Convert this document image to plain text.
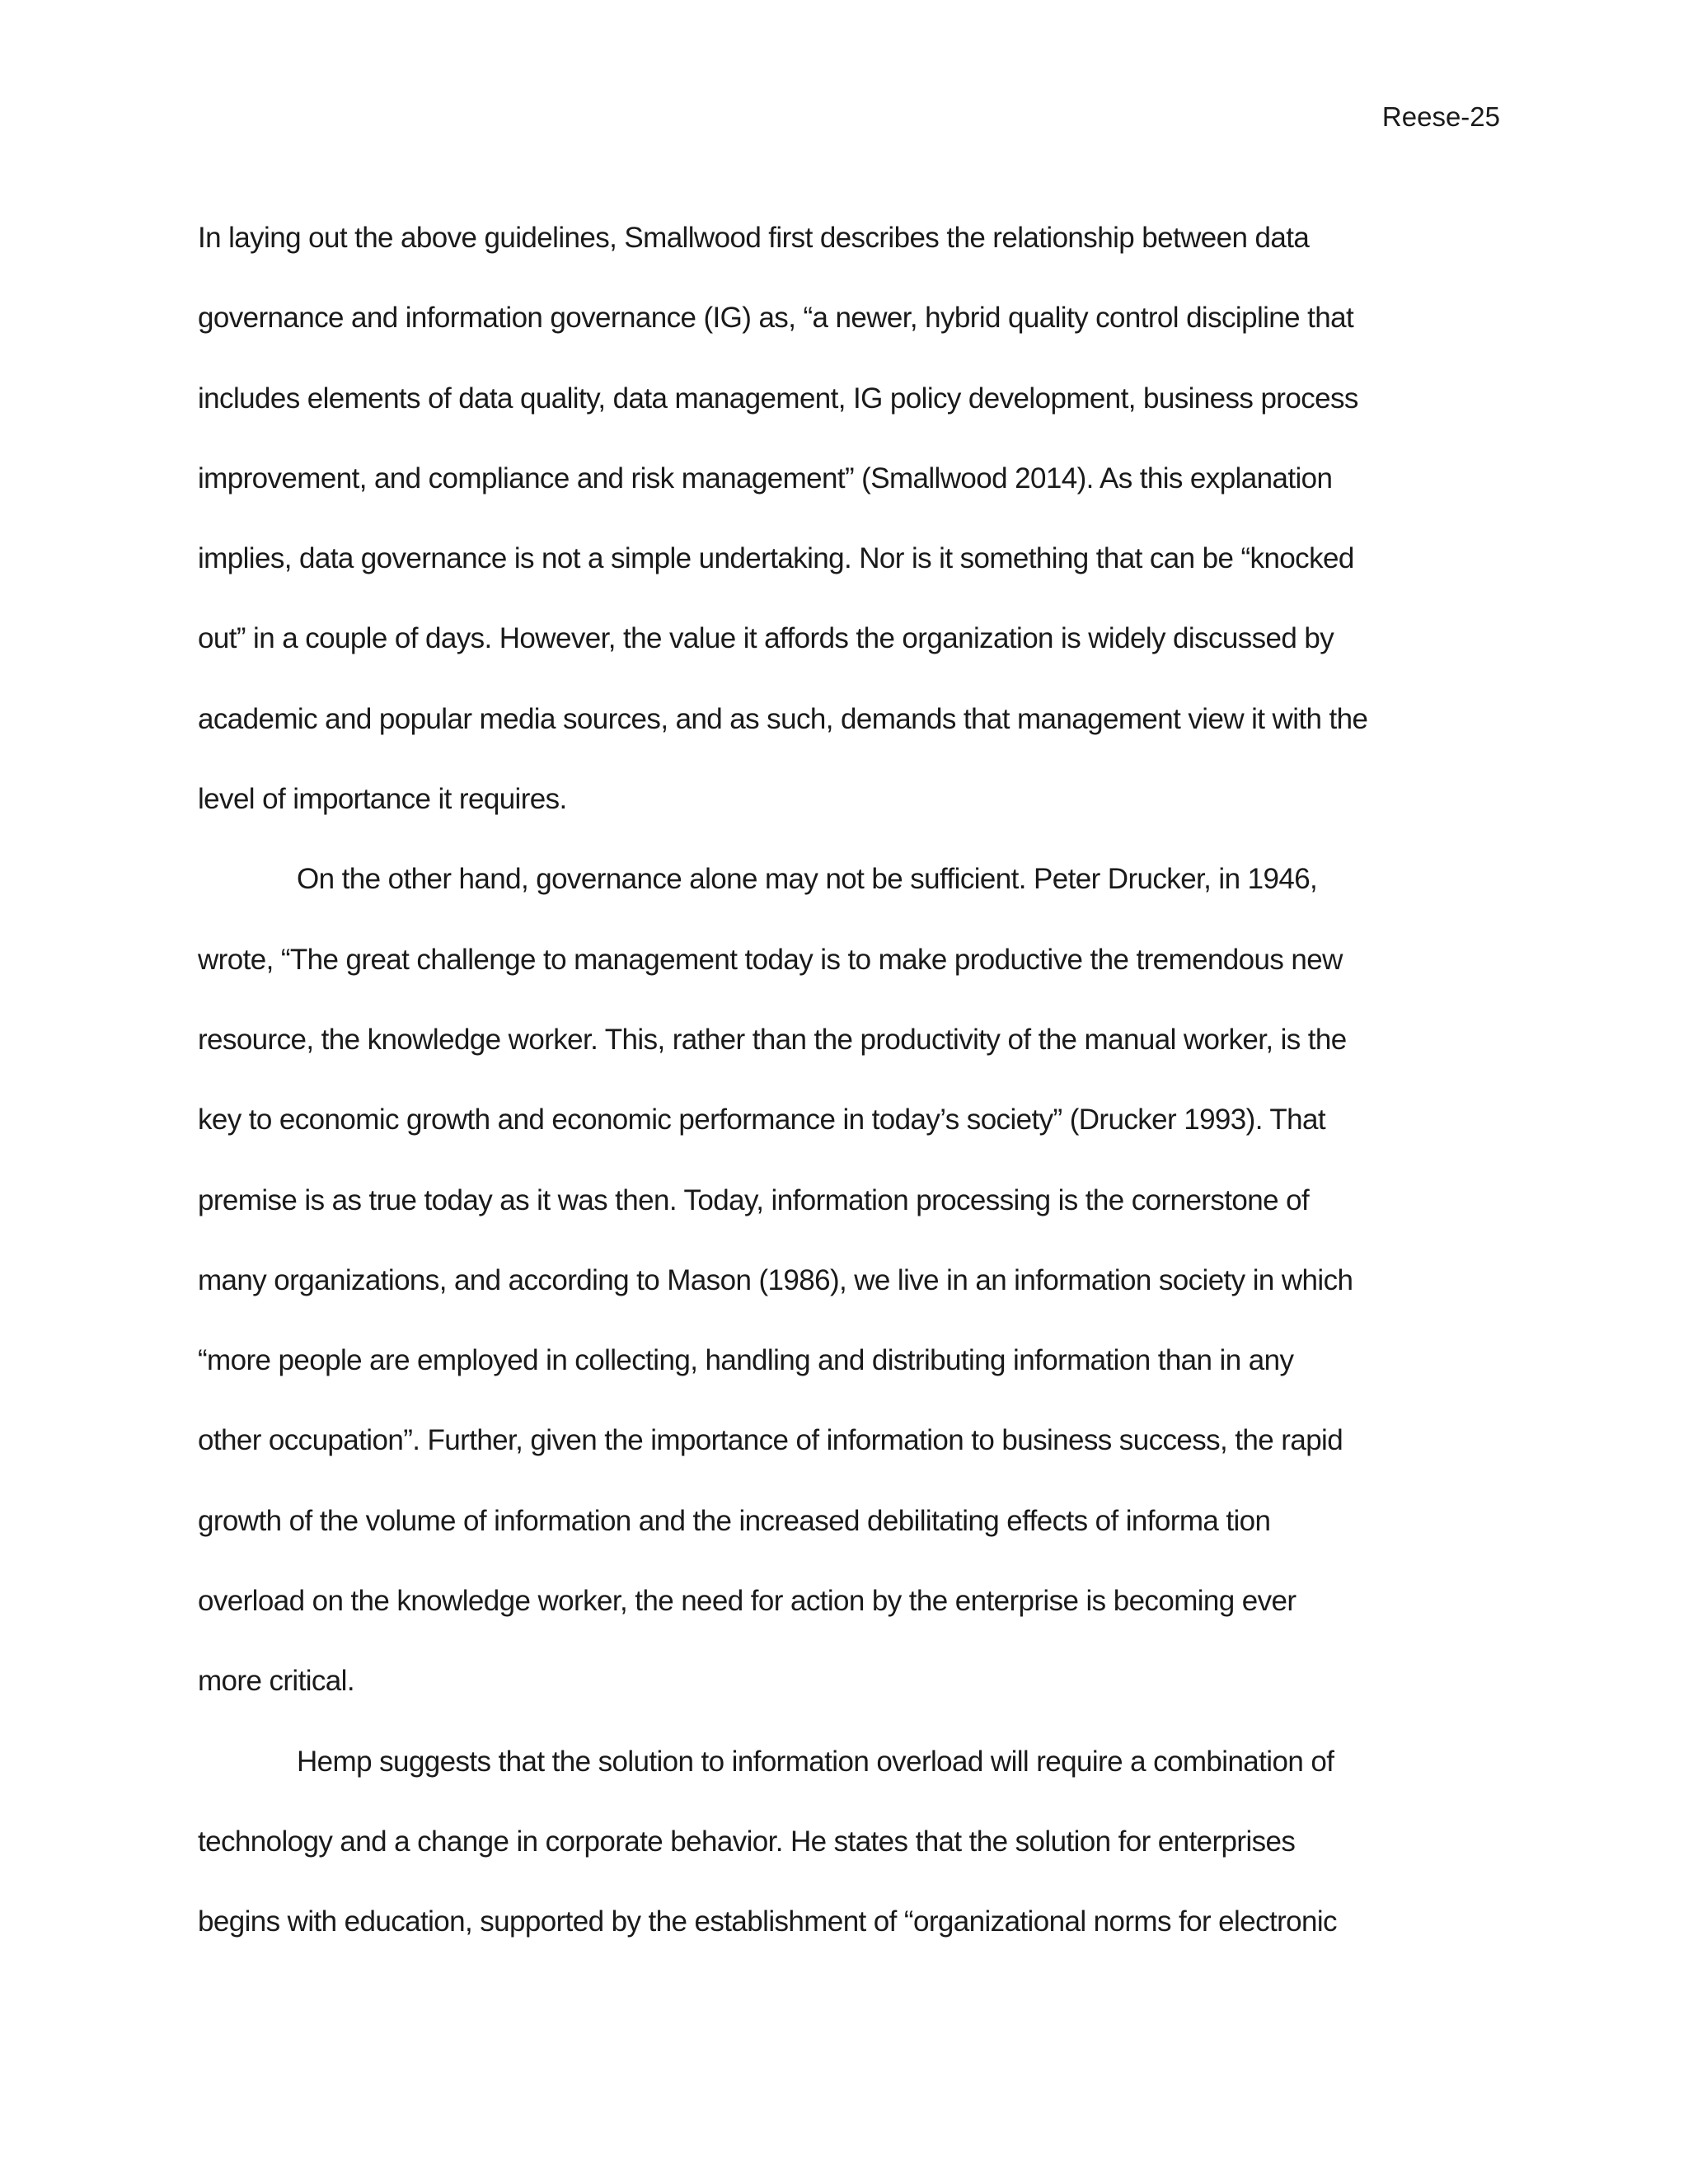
Reese-25

In laying out the above guidelines, Smallwood first describes the relationship between data
governance and information governance (IG) as, “a newer, hybrid quality control discipline that
includes elements of data quality, data management, IG policy development, business process
improvement, and compliance and risk management” (Smallwood 2014). As this explanation
implies, data governance is not a simple undertaking. Nor is it something that can be “knocked
out” in a couple of days. However, the value it affords the organization is widely discussed by
academic and popular media sources, and as such, demands that management view it with the
level of importance it requires.

On the other hand, governance alone may not be sufficient. Peter Drucker, in 1946,
wrote, “The great challenge to management today is to make productive the tremendous new
resource, the knowledge worker. This, rather than the productivity of the manual worker, is the
key to economic growth and economic performance in today’s society” (Drucker 1993). That
premise is as true today as it was then. Today, information processing is the cornerstone of
many organizations, and according to Mason (1986), we live in an information society in which
“more people are employed in collecting, handling and distributing information than in any
other occupation”. Further, given the importance of information to business success, the rapid
growth of the volume of information and the increased debilitating effects of informa tion
overload on the knowledge worker, the need for action by the enterprise is becoming ever
more critical.

Hemp suggests that the solution to information overload will require a combination of
technology and a change in corporate behavior. He states that the solution for enterprises
begins with education, supported by the establishment of “organizational norms for electronic
